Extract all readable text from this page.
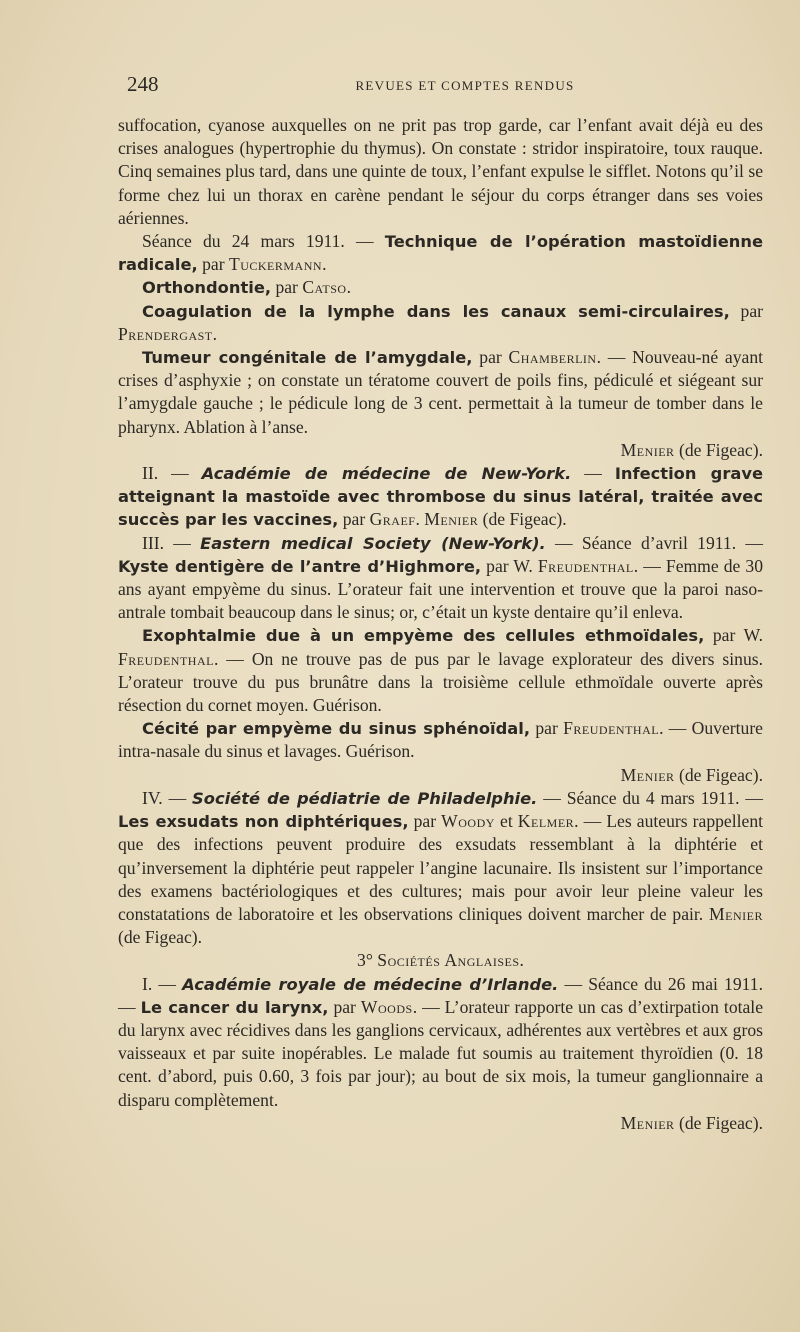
248	REVUES ET COMPTES RENDUS

suffocation, cyanose auxquelles on ne prit pas trop garde, car l’enfant avait déjà eu des crises analogues (hypertrophie du thymus). On constate : stridor inspiratoire, toux rauque. Cinq semaines plus tard, dans une quinte de toux, l’enfant expulse le sifflet. Notons qu’il se forme chez lui un thorax en carène pendant le séjour du corps étranger dans ses voies aériennes.

Séance du 24 mars 1911. — Technique de l’opération mastoïdienne radicale, par Tuckermann.

Orthondontie, par Catso.

Coagulation de la lymphe dans les canaux semi-circulaires, par Prendergast.

Tumeur congénitale de l’amygdale, par Chamberlin. — Nouveau-né ayant crises d’asphyxie ; on constate un tératome couvert de poils fins, pédiculé et siégeant sur l’amygdale gauche ; le pédicule long de 3 cent. permettait à la tumeur de tomber dans le pharynx. Ablation à l’anse.

Menier (de Figeac).

II. — Académie de médecine de New-York. — Infection grave atteignant la mastoïde avec thrombose du sinus latéral, traitée avec succès par les vaccines, par Graef. Menier (de Figeac).

III. — Eastern medical Society (New-York). — Séance d’avril 1911. — Kyste dentigère de l’antre d’Highmore, par W. Freudenthal. — Femme de 30 ans ayant empyème du sinus. L’orateur fait une intervention et trouve que la paroi naso-antrale tombait beaucoup dans le sinus; or, c’était un kyste dentaire qu’il enleva.

Exophtalmie due à un empyème des cellules ethmoïdales, par W. Freudenthal. — On ne trouve pas de pus par le lavage explorateur des divers sinus. L’orateur trouve du pus brunâtre dans la troisième cellule ethmoïdale ouverte après résection du cornet moyen. Guérison.

Cécité par empyème du sinus sphénoïdal, par Freudenthal. — Ouverture intra-nasale du sinus et lavages. Guérison.

Menier (de Figeac).

IV. — Société de pédiatrie de Philadelphie. — Séance du 4 mars 1911. — Les exsudats non diphtériques, par Woody et Kelmer. — Les auteurs rappellent que des infections peuvent produire des exsudats ressemblant à la diphtérie et qu’inversement la diphtérie peut rappeler l’angine lacunaire. Ils insistent sur l’importance des examens bactériologiques et des cultures; mais pour avoir leur pleine valeur les constatations de laboratoire et les observations cliniques doivent marcher de pair. Menier (de Figeac).

3° Sociétés Anglaises.

I. — Académie royale de médecine d’Irlande. — Séance du 26 mai 1911. — Le cancer du larynx, par Woods. — L’orateur rapporte un cas d’extirpation totale du larynx avec récidives dans les ganglions cervicaux, adhérentes aux vertèbres et aux gros vaisseaux et par suite inopérables. Le malade fut soumis au traitement thyroïdien (0. 18 cent. d’abord, puis 0.60, 3 fois par jour); au bout de six mois, la tumeur ganglionnaire a disparu complètement.

Menier (de Figeac).
